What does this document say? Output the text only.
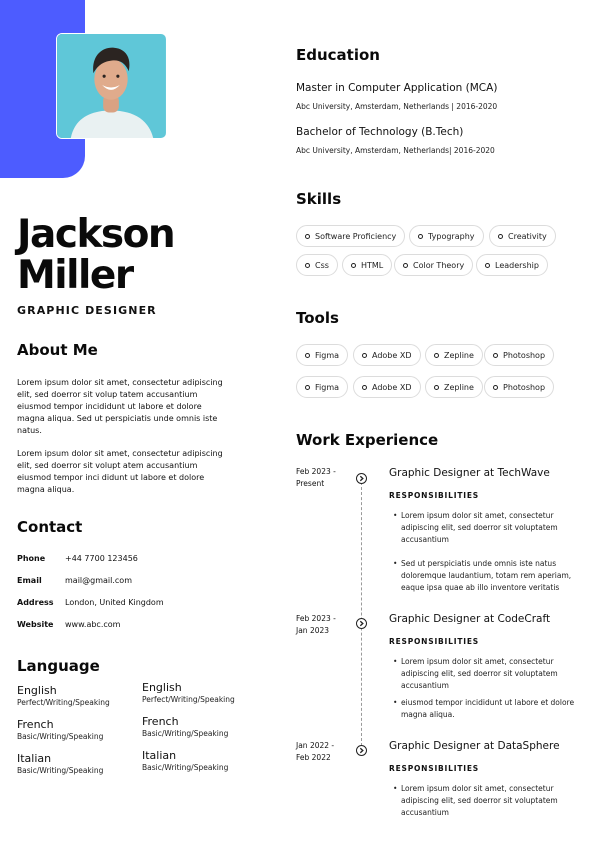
Jackson
Miller
GRAPHIC DESIGNER
About Me
Lorem ipsum dolor sit amet, consectetur adipiscing elit, sed doerror sit volup tatem accusantium eiusmod tempor incididunt ut labore et dolore magna aliqua. Sed ut perspiciatis unde omnis iste natus.
Lorem ipsum dolor sit amet, consectetur adipiscing elit, sed doerror sit volupt atem accusantium eiusmod tempor inci didunt ut labore et dolore magna aliqua.
Contact
Phone +44 7700 123456
Email	mail@gmail.com
Address London, United Kingdom
Website www.abc.com
Language
English
Perfect/Writing/Speaking
English
Perfect/Writing/Speaking
French
Basic/Writing/Speaking
French
Basic/Writing/Speaking
Italian
Basic/Writing/Speaking
Italian
Basic/Writing/Speaking
Education
Master in Computer Application (MCA)
Abc University, Amsterdam, Netherlands | 2016-2020
Bachelor of Technology (B.Tech)
Abc University, Amsterdam, Netherlands| 2016-2020
Skills
Software Proficiency	Typography	Creativity
Css	HTML	Color Theory	Leadership
Tools
Figma	Adobe XD	Zepline	Photoshop
Figma	Adobe XD	Zepline	Photoshop
Work Experience
Feb 2023 -
Present
Graphic Designer at TechWave
RESPONSIBILITIES
• Lorem ipsum dolor sit amet, consectetur adipiscing elit, sed doerror sit voluptatem accusantium
• Sed ut perspiciatis unde omnis iste natus doloremque laudantium, totam rem aperiam, eaque ipsa quae ab illo inventore veritatis
Feb 2023 -
Jan 2023
Graphic Designer at CodeCraft
RESPONSIBILITIES
• Lorem ipsum dolor sit amet, consectetur adipiscing elit, sed doerror sit voluptatem accusantium
• eiusmod tempor incididunt ut labore et dolore magna aliqua.
Jan 2022 -
Feb 2022
Graphic Designer at DataSphere
RESPONSIBILITIES
• Lorem ipsum dolor sit amet, consectetur adipiscing elit, sed doerror sit voluptatem accusantium
